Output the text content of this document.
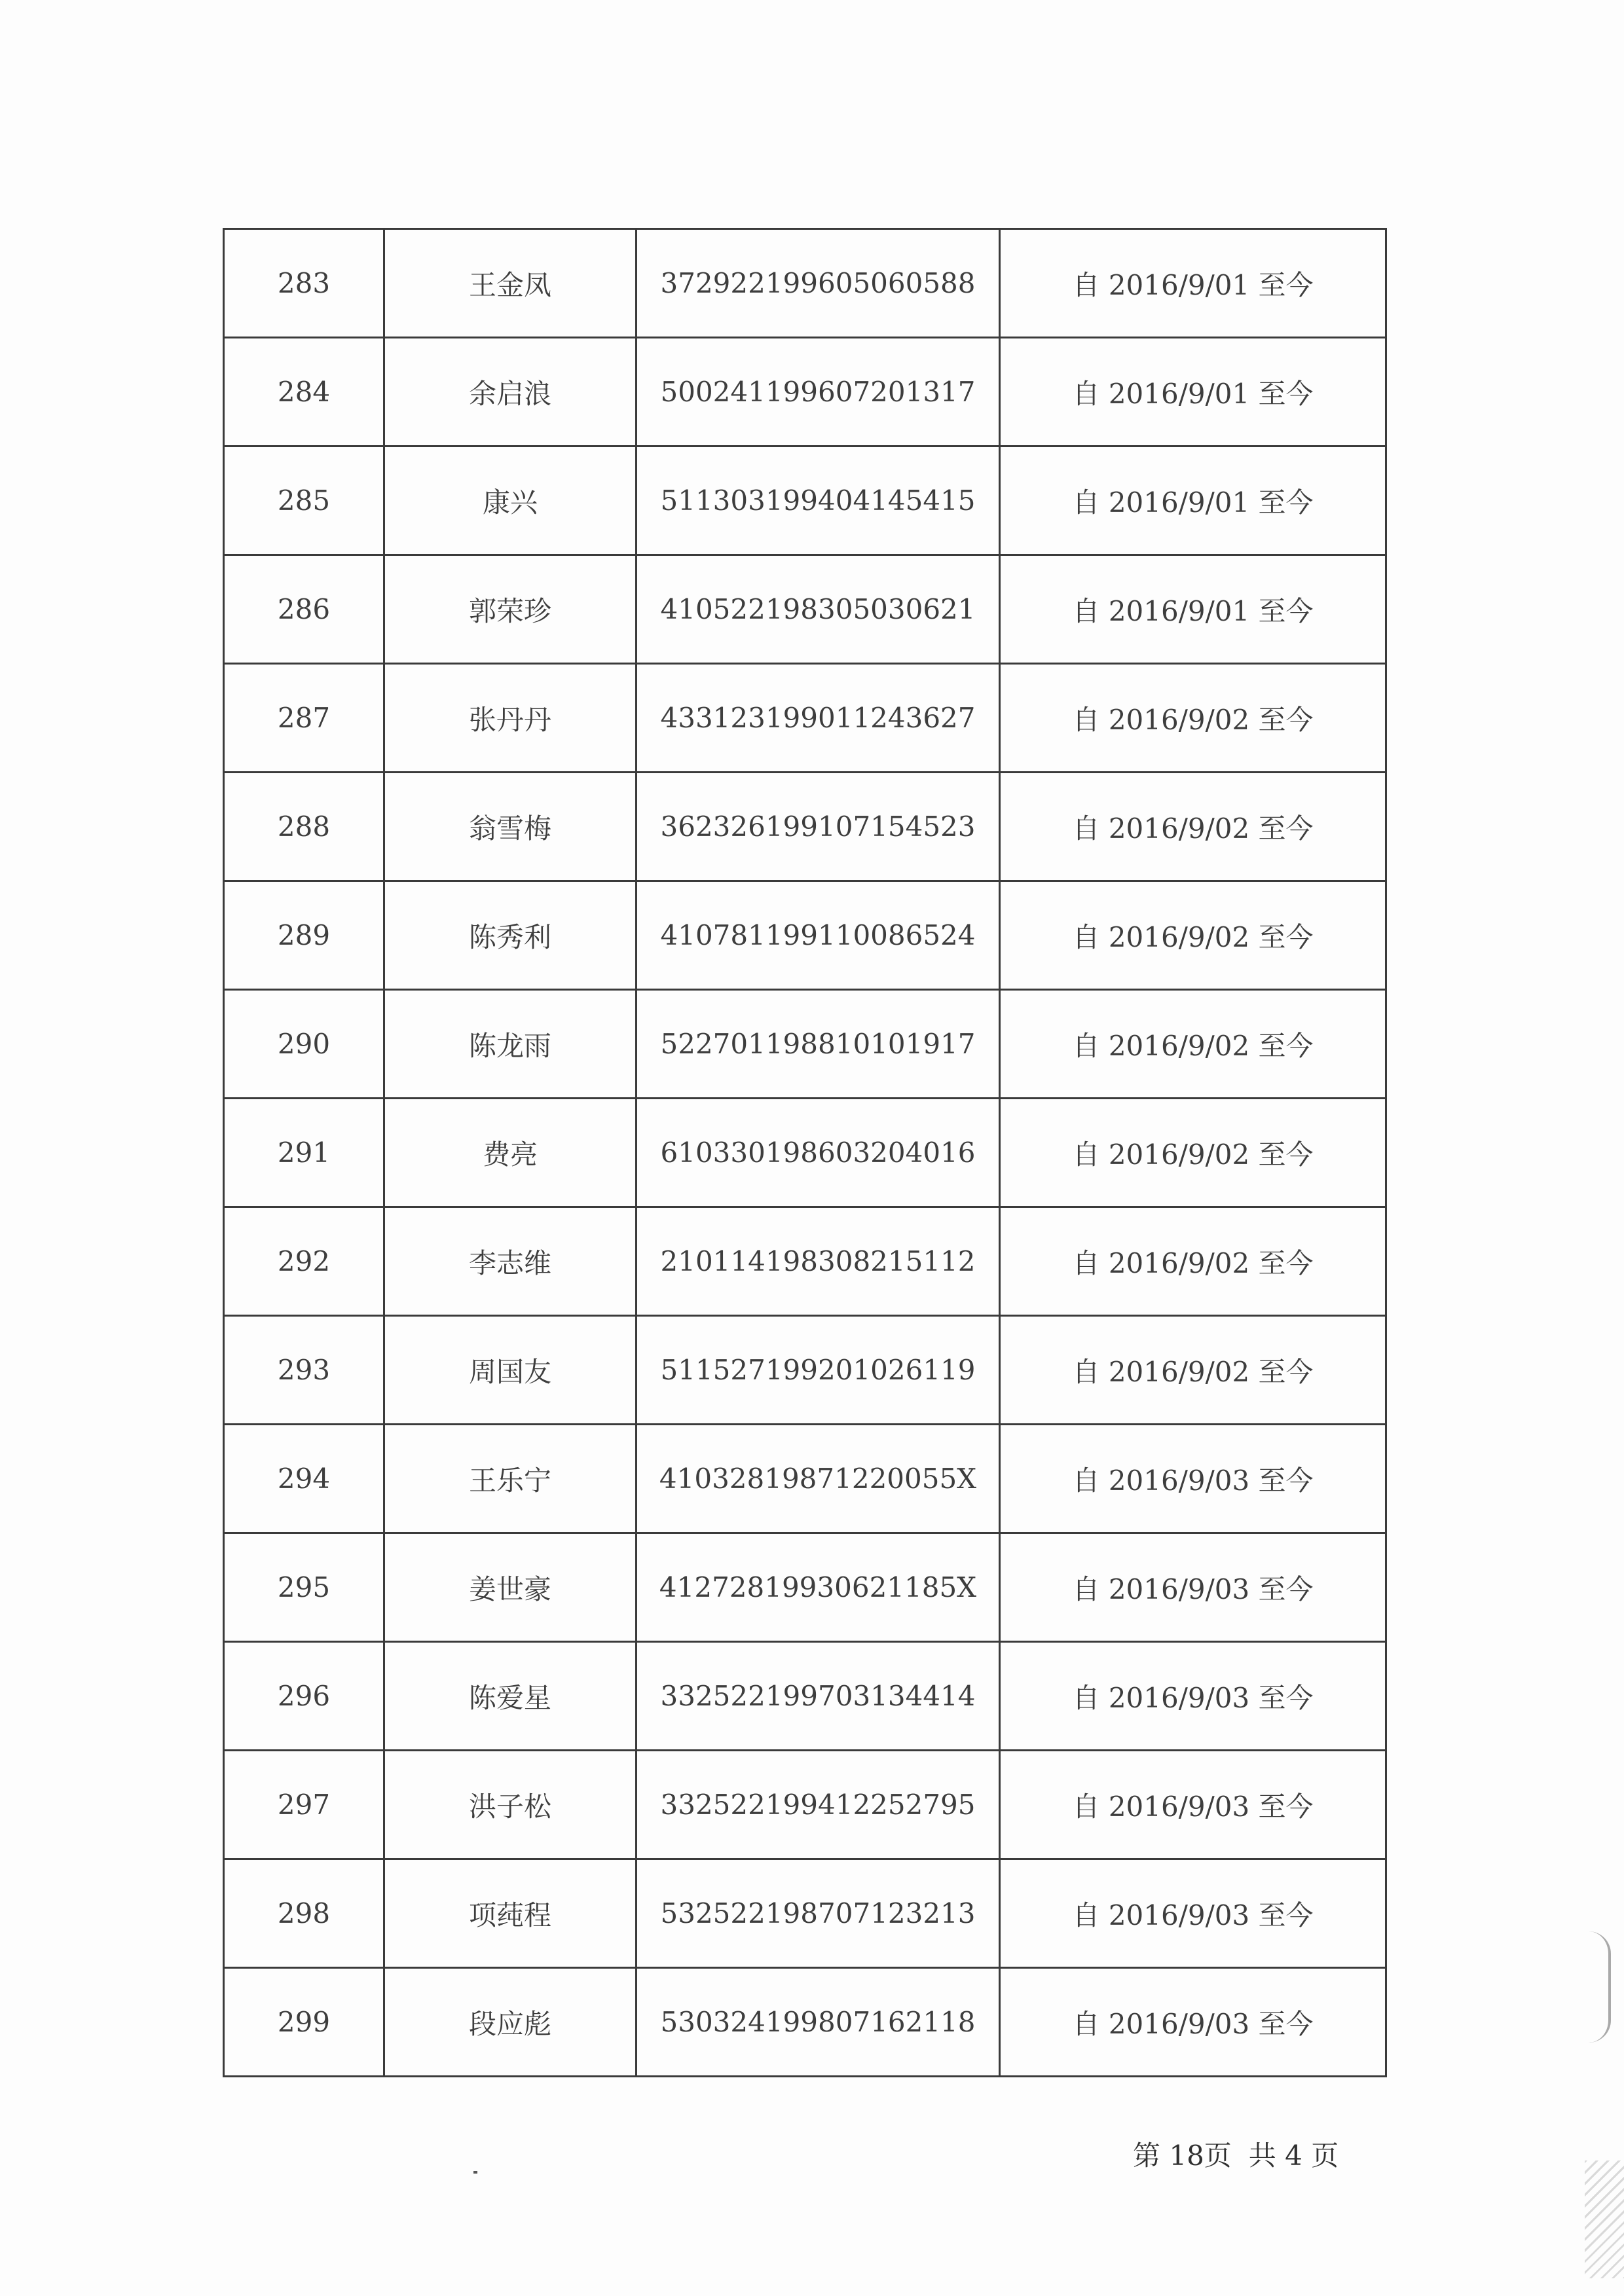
283	王金凤	372922199605060588	自 2016/9/01 至今
284	余启浪	500241199607201317	自 2016/9/01 至今
285	康兴	511303199404145415	自 2016/9/01 至今
286	郭荣珍	410522198305030621	自 2016/9/01 至今
287	张丹丹	433123199011243627	自 2016/9/02 至今
288	翁雪梅	362326199107154523	自 2016/9/02 至今
289	陈秀利	410781199110086524	自 2016/9/02 至今
290	陈龙雨	522701198810101917	自 2016/9/02 至今
291	费亮	610330198603204016	自 2016/9/02 至今
292	李志维	210114198308215112	自 2016/9/02 至今
293	周国友	511527199201026119	自 2016/9/02 至今
294	王乐宁	41032819871220055X	自 2016/9/03 至今
295	姜世豪	41272819930621185X	自 2016/9/03 至今
296	陈爱星	332522199703134414	自 2016/9/03 至今
297	洪子松	332522199412252795	自 2016/9/03 至今
298	项莼程	532522198707123213	自 2016/9/03 至今
299	段应彪	530324199807162118	自 2016/9/03 至今
第 18页 共 4 页
